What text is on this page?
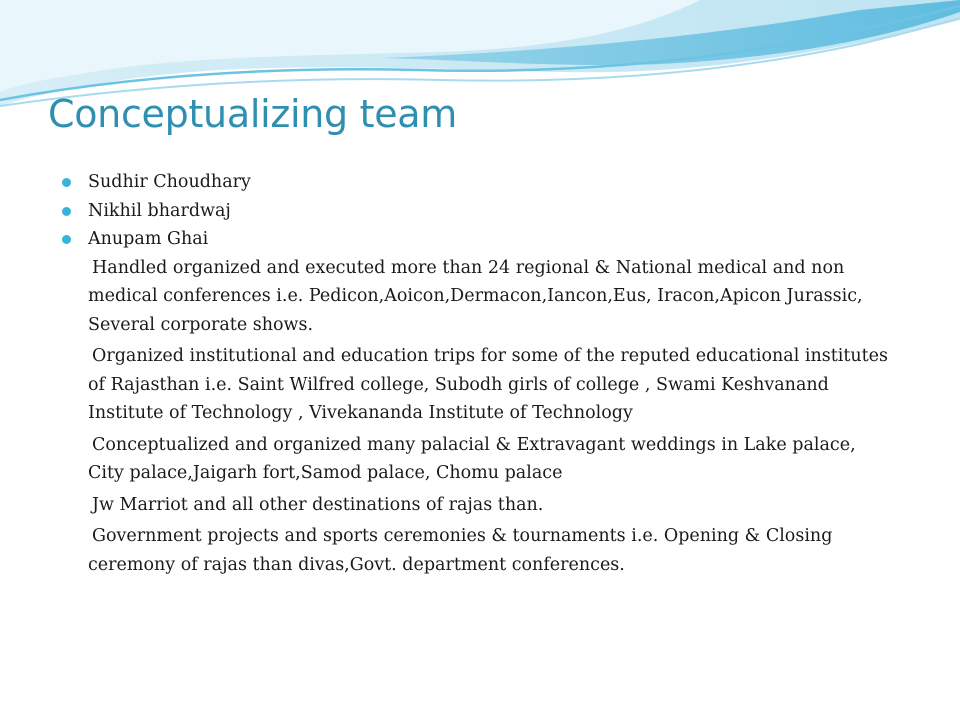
Conceptualizing team
Sudhir Choudhary
Nikhil bhardwaj
Anupam Ghai

Handled organized and executed more than 24 regional & National medical and non medical conferences i.e. Pedicon,Aoicon,Dermacon,Iancon,Eus, Iracon,Apicon Jurassic, Several corporate shows.

Organized institutional and education trips for some of the reputed educational institutes of Rajasthan i.e. Saint Wilfred college, Subodh girls of college , Swami Keshvanand Institute of Technology , Vivekananda Institute of Technology

Conceptualized and organized many palacial & Extravagant weddings in Lake palace, City palace,Jaigarh fort,Samod palace, Chomu palace

Jw Marriot and all other destinations of rajas than.

Government projects and sports ceremonies & tournaments i.e. Opening & Closing ceremony of rajas than divas,Govt. department conferences.
